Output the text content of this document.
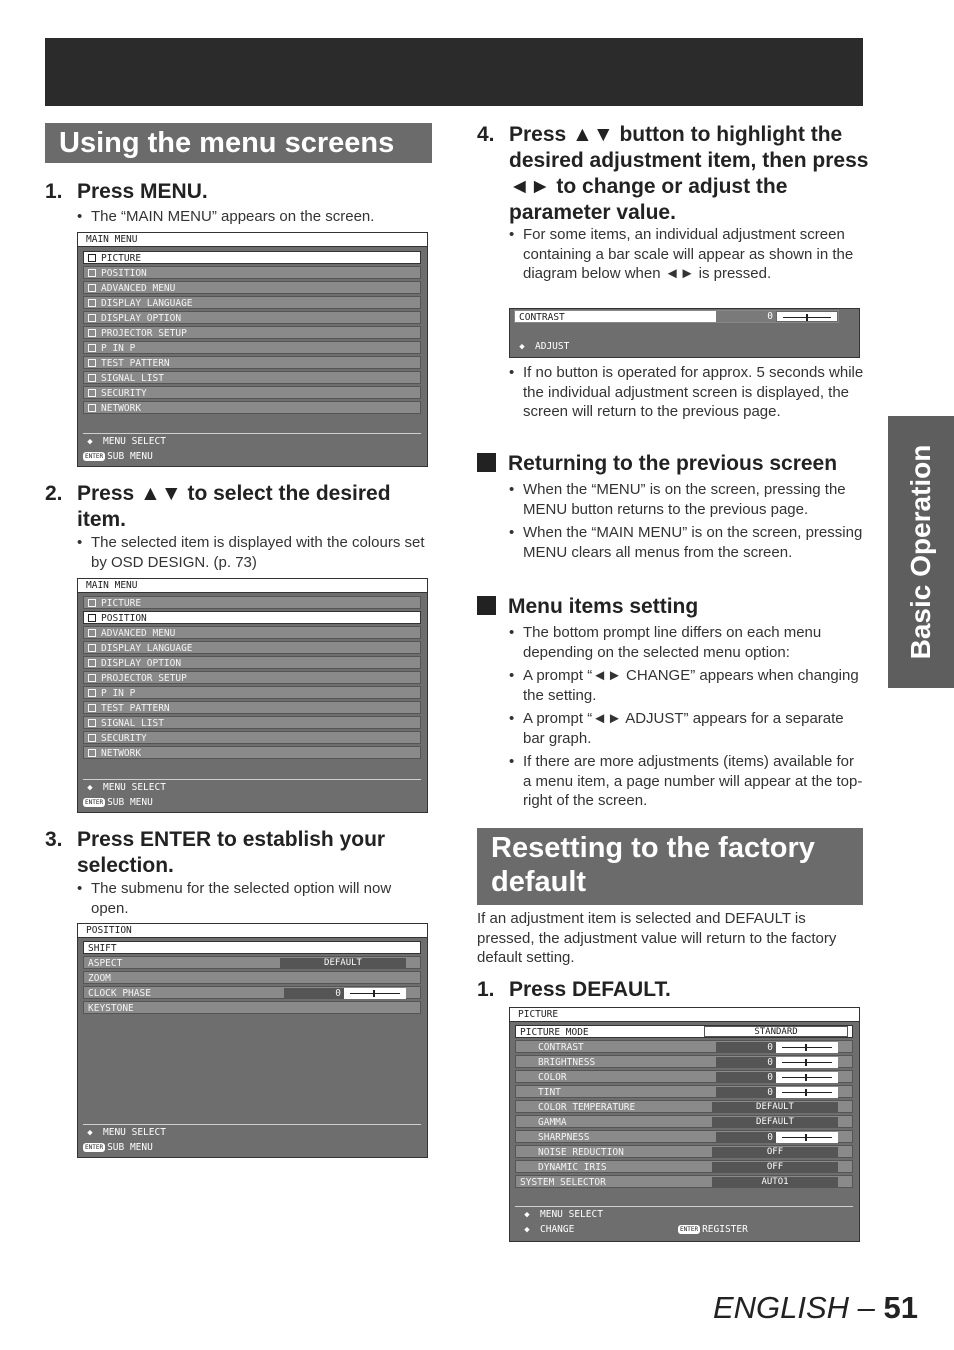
Using the menu screens
1. Press MENU.
• The “MAIN MENU” appears on the screen.
MAIN MENU
PICTURE
POSITION
ADVANCED MENU
DISPLAY LANGUAGE
DISPLAY OPTION
PROJECTOR SETUP
P IN P
TEST PATTERN
SIGNAL LIST
SECURITY
NETWORK
◆ MENU SELECT
ENTER SUB MENU
2. Press ▲▼ to select the desired item.
• The selected item is displayed with the colours set by OSD DESIGN. (p. 73)
MAIN MENU
PICTURE
POSITION
ADVANCED MENU
DISPLAY LANGUAGE
DISPLAY OPTION
PROJECTOR SETUP
P IN P
TEST PATTERN
SIGNAL LIST
SECURITY
NETWORK
◆ MENU SELECT
ENTER SUB MENU
3. Press ENTER to establish your selection.
• The submenu for the selected option will now open.
POSITION
SHIFT
ASPECT	DEFAULT
ZOOM
CLOCK PHASE	0
KEYSTONE
◆ MENU SELECT
ENTER SUB MENU
4. Press ▲▼ button to highlight the desired adjustment item, then press ◄► to change or adjust the parameter value.
• For some items, an individual adjustment screen containing a bar scale will appear as shown in the diagram below when ◄► is pressed.
CONTRAST	0
◆ ADJUST
• If no button is operated for approx. 5 seconds while the individual adjustment screen is displayed, the screen will return to the previous page.
Returning to the previous screen
• When the “MENU” is on the screen, pressing the MENU button returns to the previous page.
• When the “MAIN MENU” is on the screen, pressing MENU clears all menus from the screen.
Menu items setting
• The bottom prompt line differs on each menu depending on the selected menu option:
• A prompt “◄► CHANGE” appears when changing the setting.
• A prompt “◄► ADJUST” appears for a separate bar graph.
• If there are more adjustments (items) available for a menu item, a page number will appear at the top-right of the screen.
Resetting to the factory default
If an adjustment item is selected and DEFAULT is pressed, the adjustment value will return to the factory default setting.
1. Press DEFAULT.
PICTURE
PICTURE MODE	STANDARD
CONTRAST	0
BRIGHTNESS	0
COLOR	0
TINT	0
COLOR TEMPERATURE	DEFAULT
GAMMA	DEFAULT
SHARPNESS	0
NOISE REDUCTION	OFF
DYNAMIC IRIS	OFF
SYSTEM SELECTOR	AUTO1
◆ MENU SELECT
◆ CHANGE	ENTER REGISTER
Basic Operation
ENGLISH – 51
